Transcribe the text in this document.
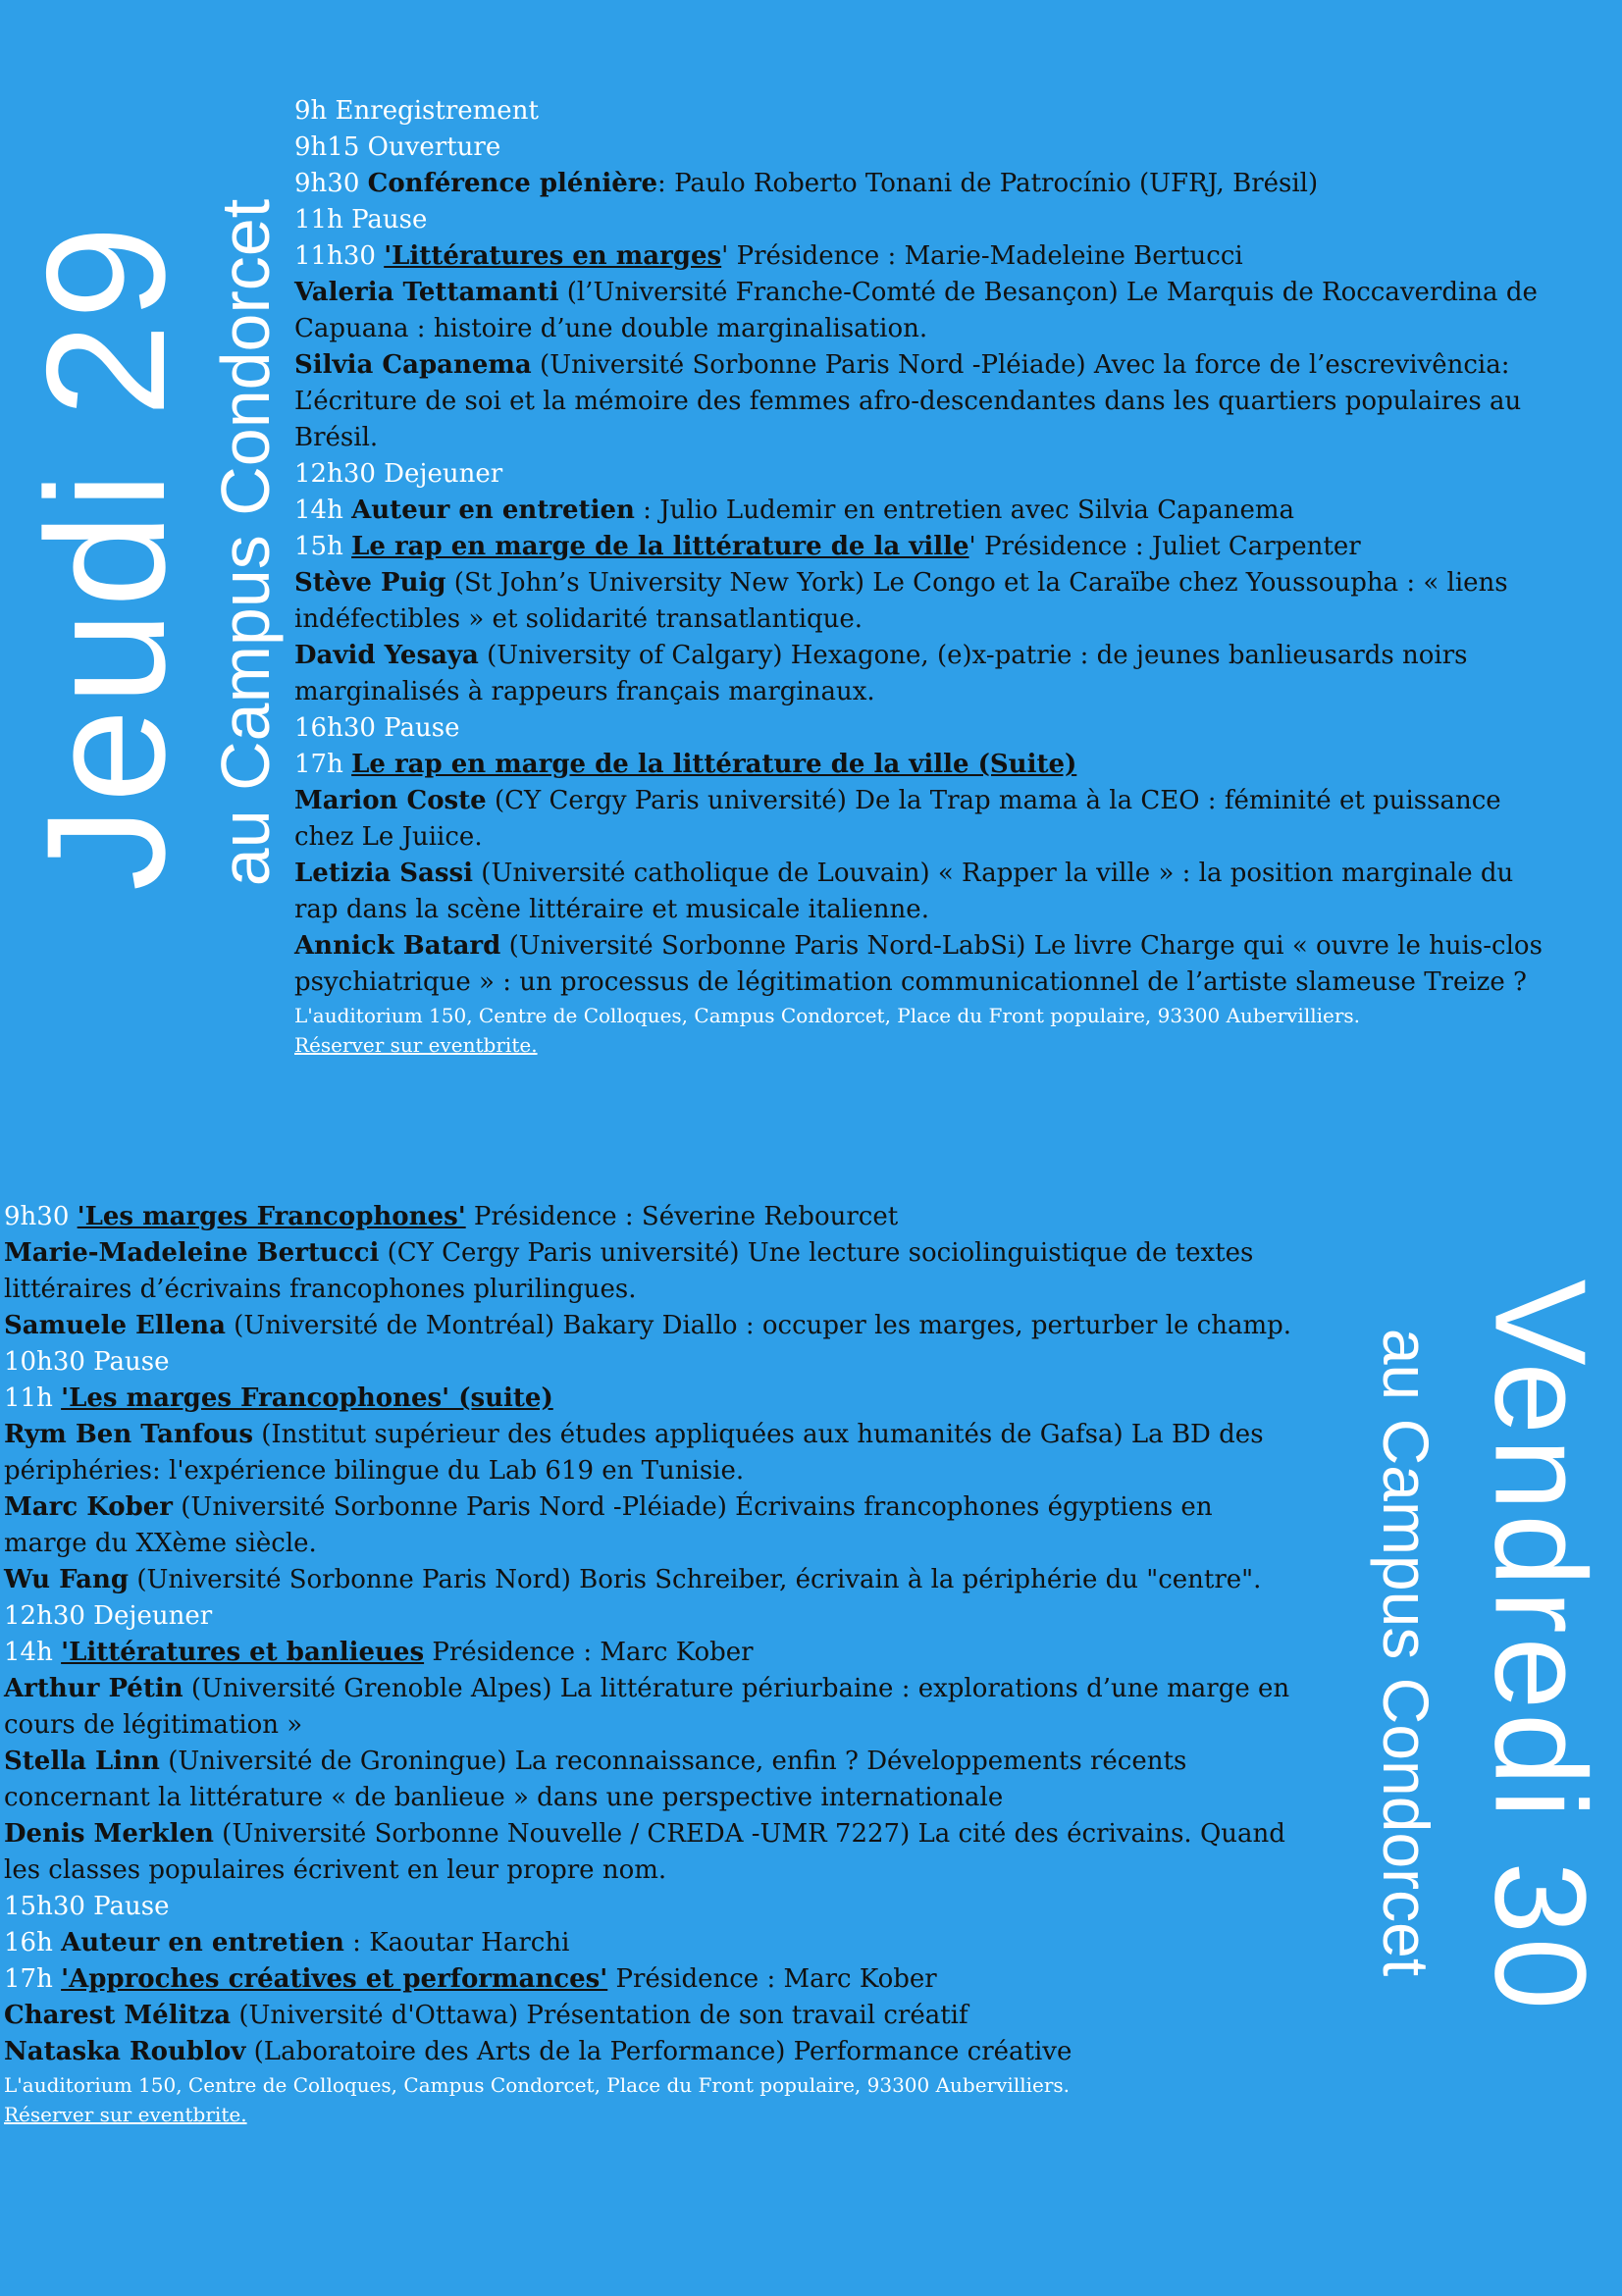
Jeudi 29 au Campus Condorcet
9h Enregistrement
9h15 Ouverture
9h30 Conférence plénière: Paulo Roberto Tonani de Patrocínio (UFRJ, Brésil)
11h Pause
11h30 'Littératures en marges' Présidence : Marie-Madeleine Bertucci
Valeria Tettamanti (l’Université Franche-Comté de Besançon) Le Marquis de Roccaverdina de
Capuana : histoire d’une double marginalisation.
Silvia Capanema (Université Sorbonne Paris Nord -Pléiade) Avec la force de l’escrevivência:
L’écriture de soi et la mémoire des femmes afro-descendantes dans les quartiers populaires au
Brésil.
12h30 Dejeuner
14h Auteur en entretien : Julio Ludemir en entretien avec Silvia Capanema
15h Le rap en marge de la littérature de la ville' Présidence : Juliet Carpenter
Stève Puig (St John’s University New York) Le Congo et la Caraïbe chez Youssoupha : « liens
indéfectibles » et solidarité transatlantique.
David Yesaya (University of Calgary) Hexagone, (e)x-patrie : de jeunes banlieusards noirs
marginalisés à rappeurs français marginaux.
16h30 Pause
17h Le rap en marge de la littérature de la ville (Suite)
Marion Coste (CY Cergy Paris université) De la Trap mama à la CEO : féminité et puissance
chez Le Juiice.
Letizia Sassi (Université catholique de Louvain) « Rapper la ville » : la position marginale du
rap dans la scène littéraire et musicale italienne.
Annick Batard (Université Sorbonne Paris Nord-LabSi) Le livre Charge qui « ouvre le huis-clos
psychiatrique » : un processus de légitimation communicationnel de l’artiste slameuse Treize ?
L'auditorium 150, Centre de Colloques, Campus Condorcet, Place du Front populaire, 93300 Aubervilliers.
Réserver sur eventbrite.
Vendredi 30
au Campus Condorcet
9h30 'Les marges Francophones' Présidence : Séverine Rebourcet
Marie-Madeleine Bertucci (CY Cergy Paris université) Une lecture sociolinguistique de textes
littéraires d’écrivains francophones plurilingues.
Samuele Ellena (Université de Montréal) Bakary Diallo : occuper les marges, perturber le champ.
10h30 Pause
11h 'Les marges Francophones' (suite)
Rym Ben Tanfous (Institut supérieur des études appliquées aux humanités de Gafsa) La BD des
périphéries: l'expérience bilingue du Lab 619 en Tunisie.
Marc Kober (Université Sorbonne Paris Nord -Pléiade) Écrivains francophones égyptiens en
marge du XXème siècle.
Wu Fang (Université Sorbonne Paris Nord) Boris Schreiber, écrivain à la périphérie du "centre".
12h30 Dejeuner
14h 'Littératures et banlieues Présidence : Marc Kober
Arthur Pétin (Université Grenoble Alpes) La littérature périurbaine : explorations d’une marge en
cours de légitimation »
Stella Linn (Université de Groningue) La reconnaissance, enfin ? Développements récents
concernant la littérature « de banlieue » dans une perspective internationale
Denis Merklen (Université Sorbonne Nouvelle / CREDA -UMR 7227) La cité des écrivains. Quand
les classes populaires écrivent en leur propre nom.
15h30 Pause
16h Auteur en entretien : Kaoutar Harchi
17h 'Approches créatives et performances' Présidence : Marc Kober
Charest Mélitza (Université d'Ottawa) Présentation de son travail créatif
Nataska Roublov (Laboratoire des Arts de la Performance) Performance créative
L'auditorium 150, Centre de Colloques, Campus Condorcet, Place du Front populaire, 93300 Aubervilliers.
Réserver sur eventbrite.
